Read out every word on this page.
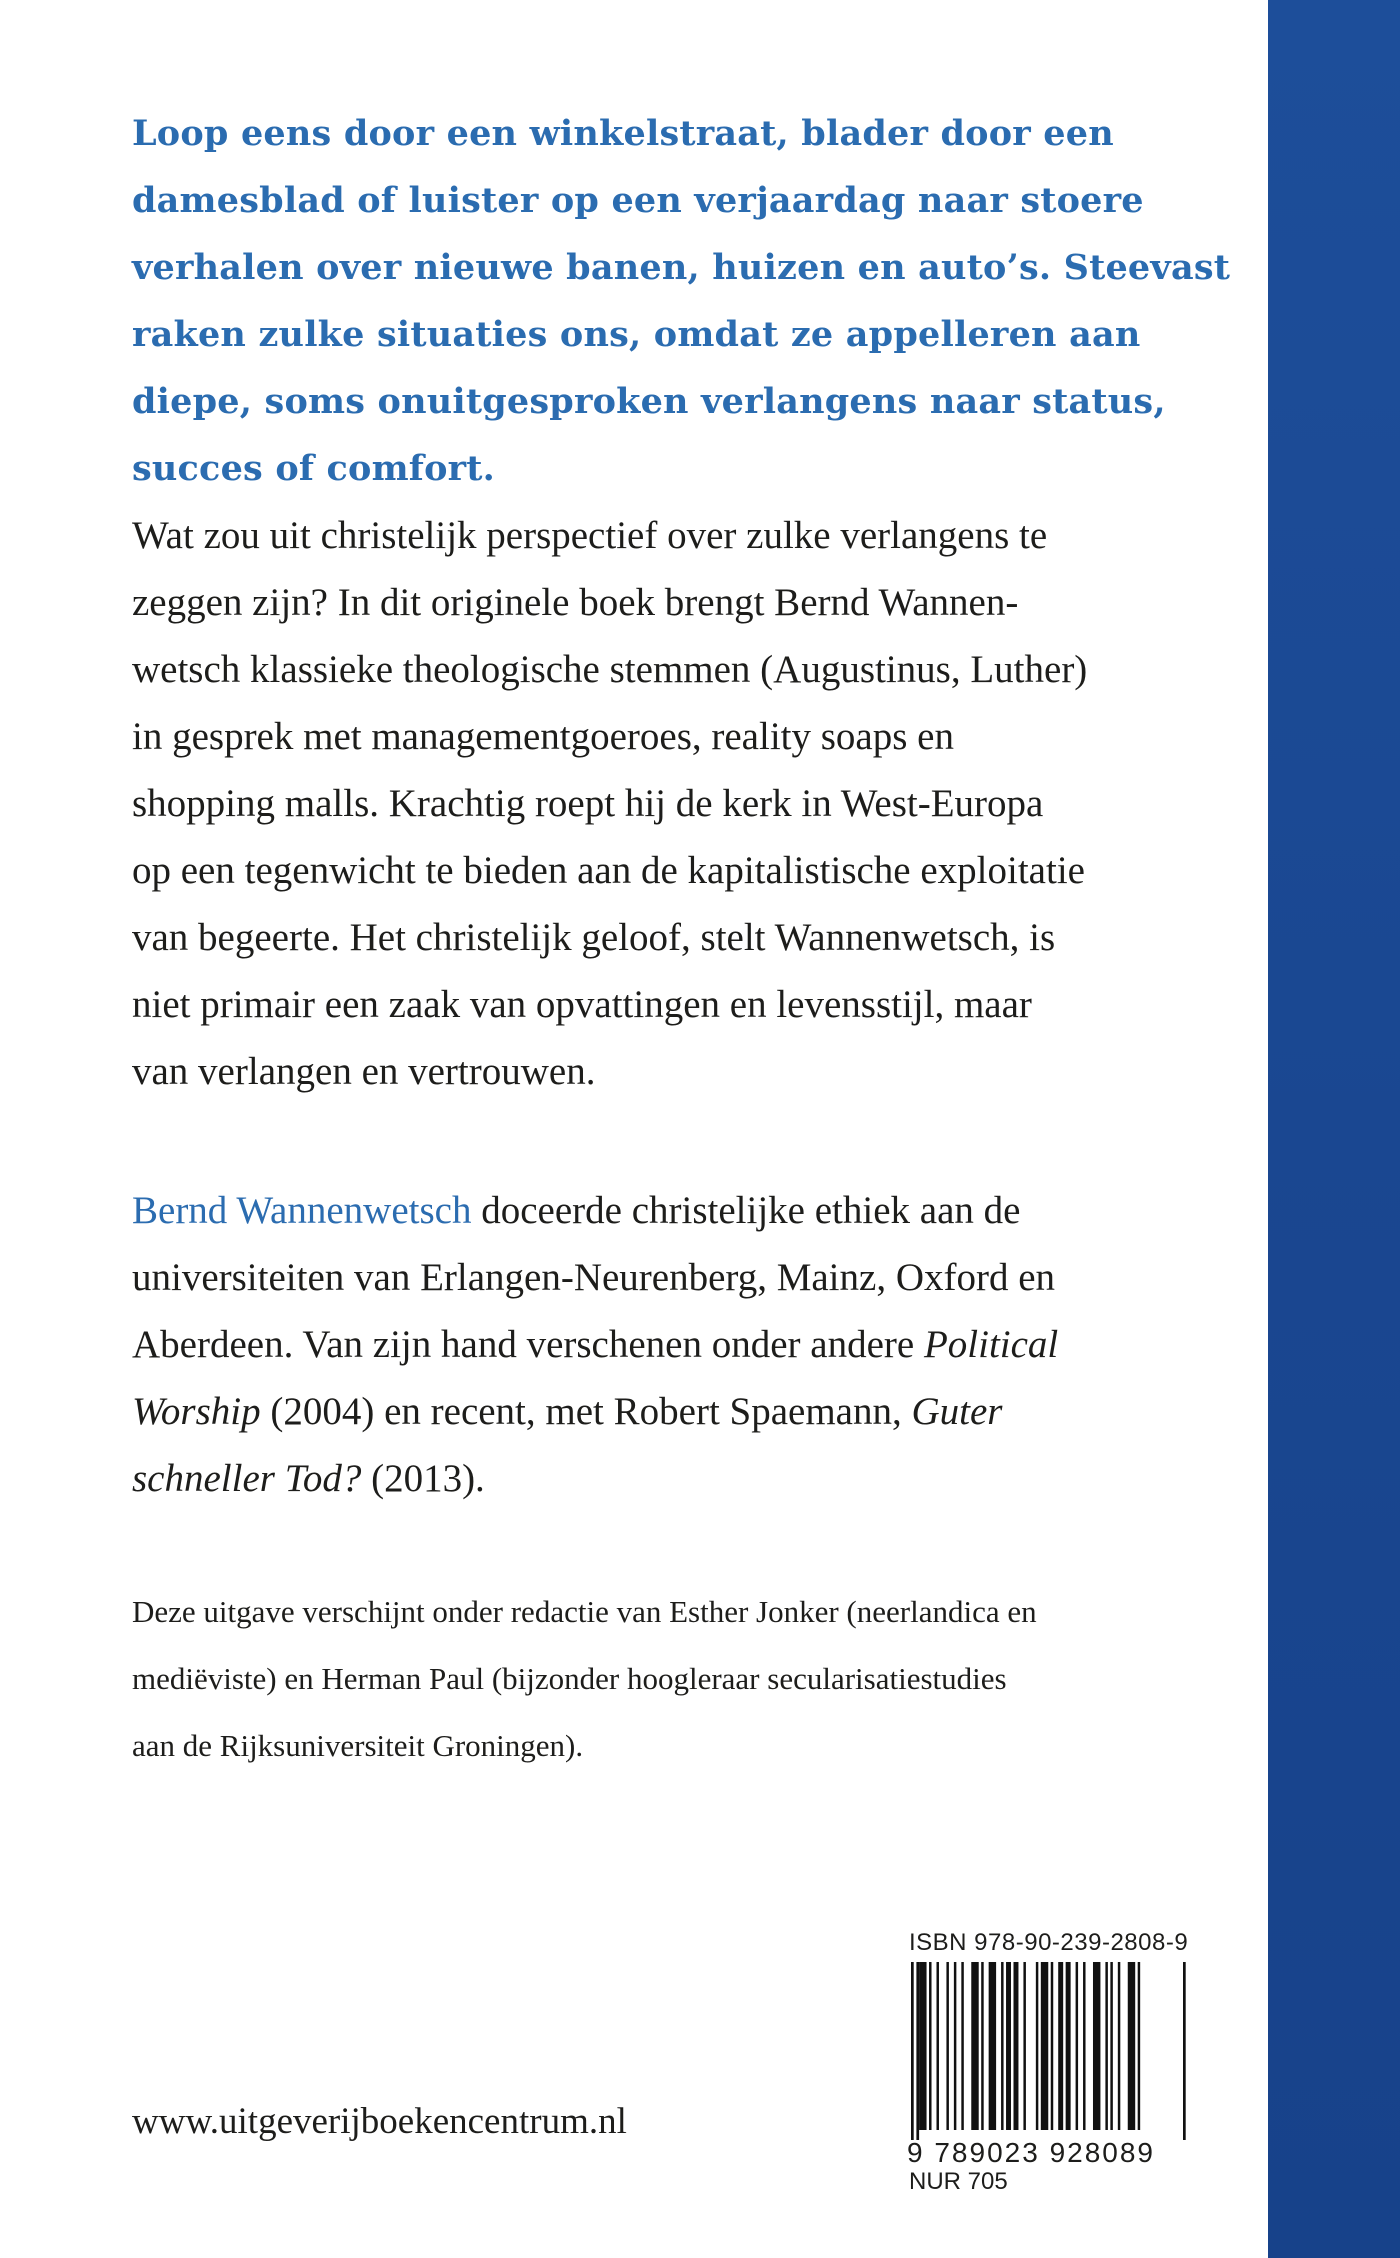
Loop eens door een winkelstraat, blader door een
damesblad of luister op een verjaardag naar stoere
verhalen over nieuwe banen, huizen en auto’s. Steevast
raken zulke situaties ons, omdat ze appelleren aan
diepe, soms onuitgesproken verlangens naar status,
succes of comfort.

Wat zou uit christelijk perspectief over zulke verlangens te
zeggen zijn? In dit originele boek brengt Bernd Wannen-
wetsch klassieke theologische stemmen (Augustinus, Luther)
in gesprek met managementgoeroes, reality soaps en
shopping malls. Krachtig roept hij de kerk in West-Europa
op een tegenwicht te bieden aan de kapitalistische exploitatie
van begeerte. Het christelijk geloof, stelt Wannenwetsch, is
niet primair een zaak van opvattingen en levensstijl, maar
van verlangen en vertrouwen.

Bernd Wannenwetsch doceerde christelijke ethiek aan de
universiteiten van Erlangen-Neurenberg, Mainz, Oxford en
Aberdeen. Van zijn hand verschenen onder andere Political
Worship (2004) en recent, met Robert Spaemann, Guter
schneller Tod? (2013).

Deze uitgave verschijnt onder redactie van Esther Jonker (neerlandica en
mediëviste) en Herman Paul (bijzonder hoogleraar secularisatiestudies
aan de Rijksuniversiteit Groningen).

www.uitgeverijboekencentrum.nl
ISBN 978-90-239-2808-9
9 789023 928089
NUR 705
